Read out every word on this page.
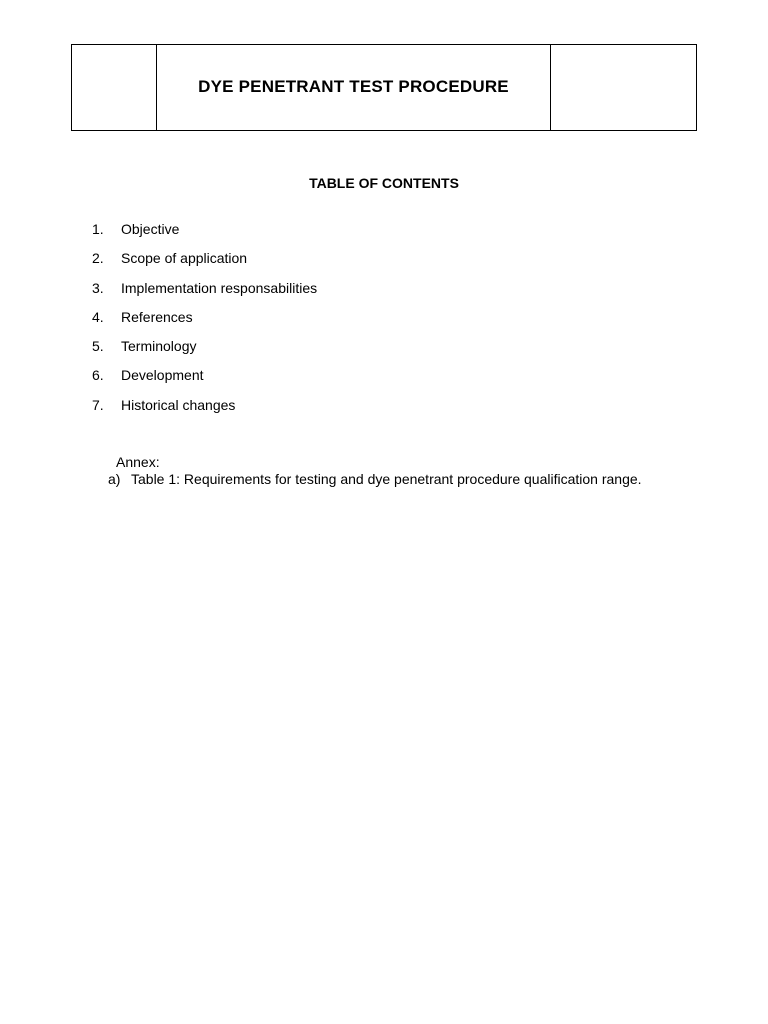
	DYE PENETRANT TEST PROCEDURE	
TABLE OF CONTENTS
1.	Objective
2.	Scope of application
3.	Implementation responsabilities
4.	References
5.	Terminology
6.	Development
7.	Historical changes
Annex:
a) Table 1: Requirements for testing and dye penetrant procedure qualification range.
